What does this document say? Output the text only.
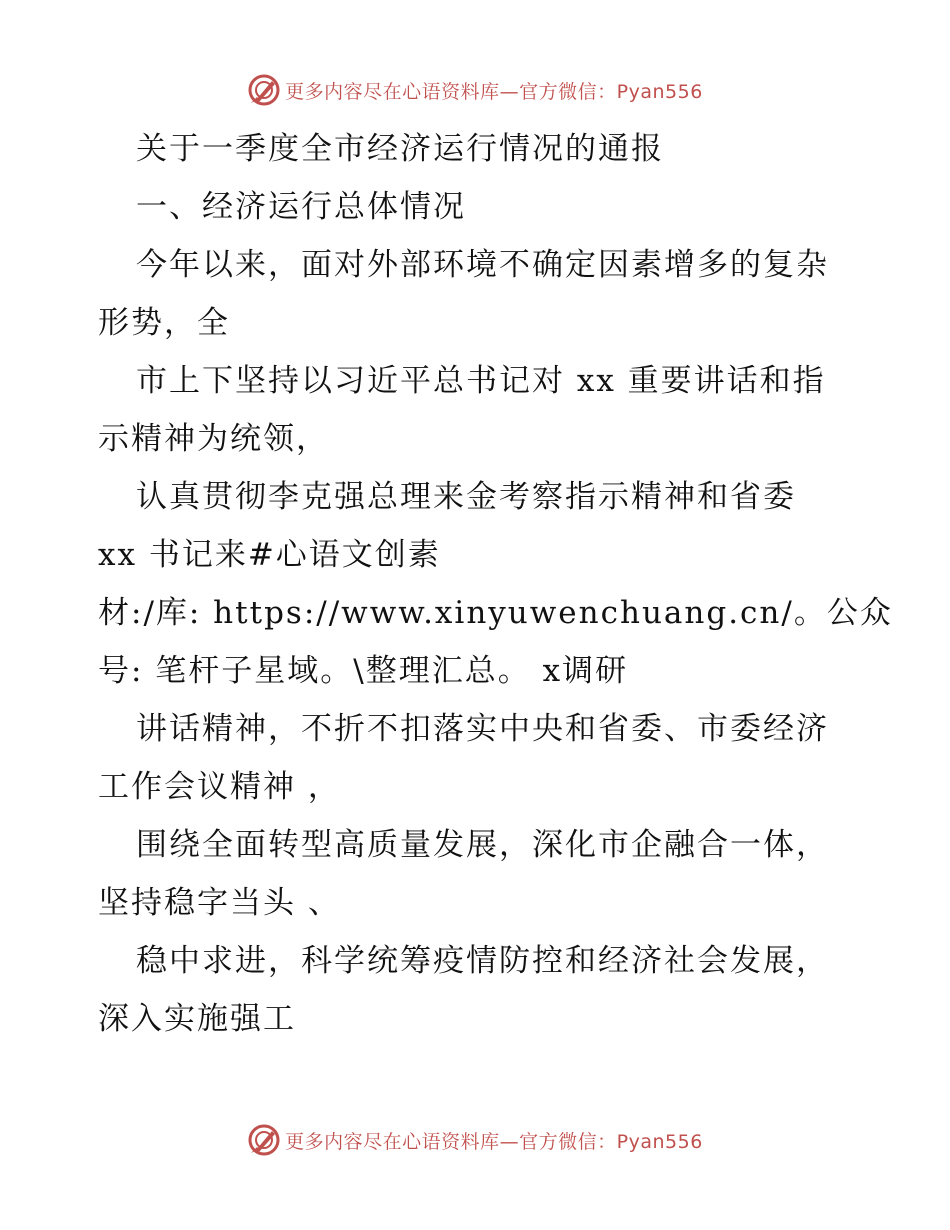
更多内容尽在心语资料库—官方微信：Pyan556
关于一季度全市经济运行情况的通报
一、经济运行总体情况
今年以来，面对外部环境不确定因素增多的复杂
形势，全
市上下坚持以习近平总书记对 xx 重要讲话和指
示精神为统领，
认真贯彻李克强总理来金考察指示精神和省委
xx 书记来#心语文创素
材:/库: https://www.xinyuwenchuang.cn/。公众
号: 笔杆子星域。\整理汇总。 x调研
讲话精神，不折不扣落实中央和省委、市委经济
工作会议精神 ，
围绕全面转型高质量发展，深化市企融合一体，
坚持稳字当头 、
稳中求进，科学统筹疫情防控和经济社会发展，
深入实施强工
更多内容尽在心语资料库—官方微信：Pyan556
